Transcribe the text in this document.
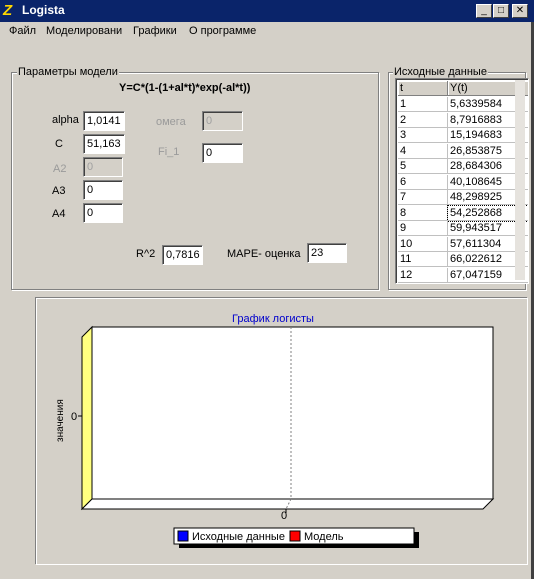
Z Logista	_	□	✕
Файл Моделировани Графики О программе
Параметры модели
Y=C*(1-(1+al*t)*exp(-al*t))
alpha 1,0141
C	51,163
A2	0
A3	0
A4	0
омега	0
Fi_1	0
R^2 0,7816	MAPE- оценка 23
Исходные данные
t	Y(t)
1	5,6339584
2	8,7916883
3	15,194683
4	26,853875
5	28,684306
6	40,108645
7	48,298925
8	54,252868
9	59,943517
10	57,611304
11	66,022612
12	67,047159
График логисты
0
0
значения
Исходные данные Модель
